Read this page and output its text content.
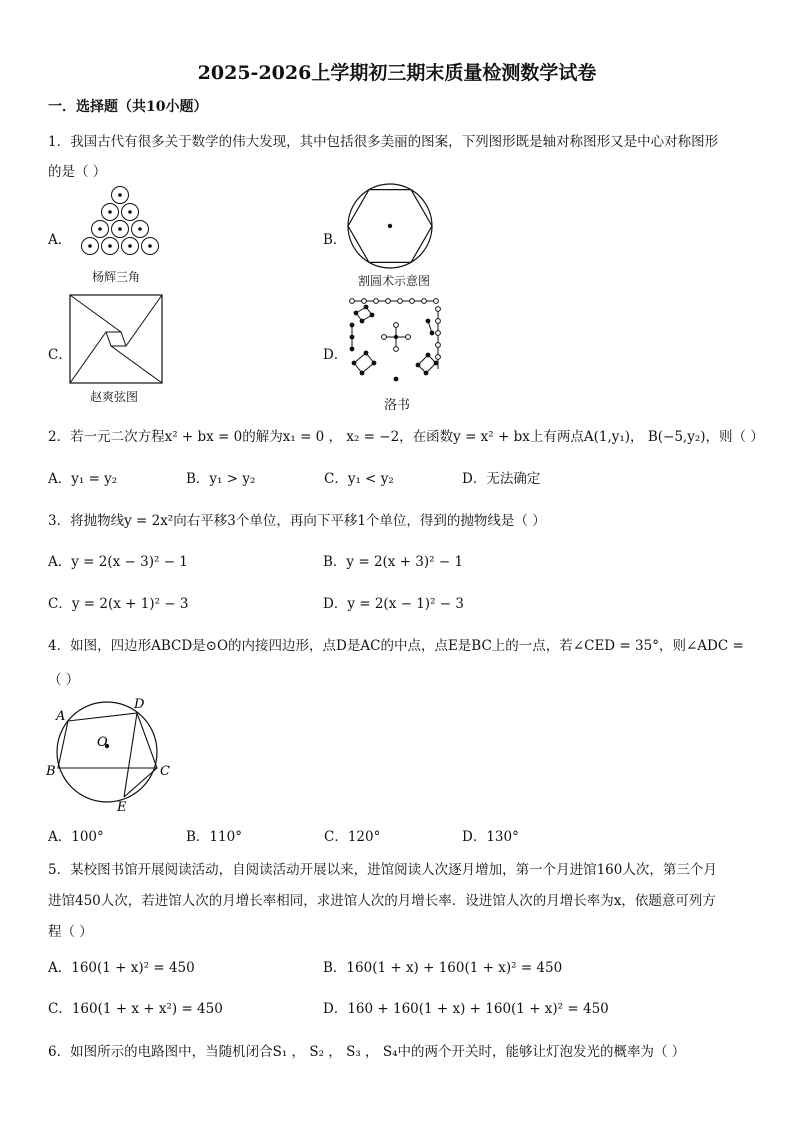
2025-2026上学期初三期末质量检测数学试卷
一．选择题（共10小题）
1．我国古代有很多关于数学的伟大发现，其中包括很多美丽的图案，下列图形既是轴对称图形又是中心对称图形
的是（ ）
A．
杨辉三角
B．
割圆术示意图
C．
赵爽弦图
D．
洛书
2．若一元二次方程x² + bx = 0的解为x₁ = 0 ， x₂ = −2，在函数y = x² + bx上有两点A(1,y₁)， B(−5,y₂)，则（ ）
A．y₁ = y₂	B．y₁ > y₂	C．y₁ < y₂	D．无法确定
3．将抛物线y = 2x²向右平移3个单位，再向下平移1个单位，得到的抛物线是（ ）
A．y = 2(x − 3)² − 1	B．y = 2(x + 3)² − 1
C．y = 2(x + 1)² − 3	D．y = 2(x − 1)² − 3
4．如图，四边形ABCD是⊙O的内接四边形，点D是AC的中点，点E是BC上的一点，若∠CED = 35°，则∠ADC =
（ ）
A
D
O
B	C
E
A．100°	B．110°	C．120°	D．130°
5．某校图书馆开展阅读活动，自阅读活动开展以来，进馆阅读人次逐月增加，第一个月进馆160人次，第三个月
进馆450人次，若进馆人次的月增长率相同，求进馆人次的月增长率．设进馆人次的月增长率为x，依题意可列方
程（ ）
A．160(1 + x)² = 450	B．160(1 + x) + 160(1 + x)² = 450
C．160(1 + x + x²) = 450	D．160 + 160(1 + x) + 160(1 + x)² = 450
6．如图所示的电路图中，当随机闭合S₁ ， S₂ ， S₃ ， S₄中的两个开关时，能够让灯泡发光的概率为（ ）
